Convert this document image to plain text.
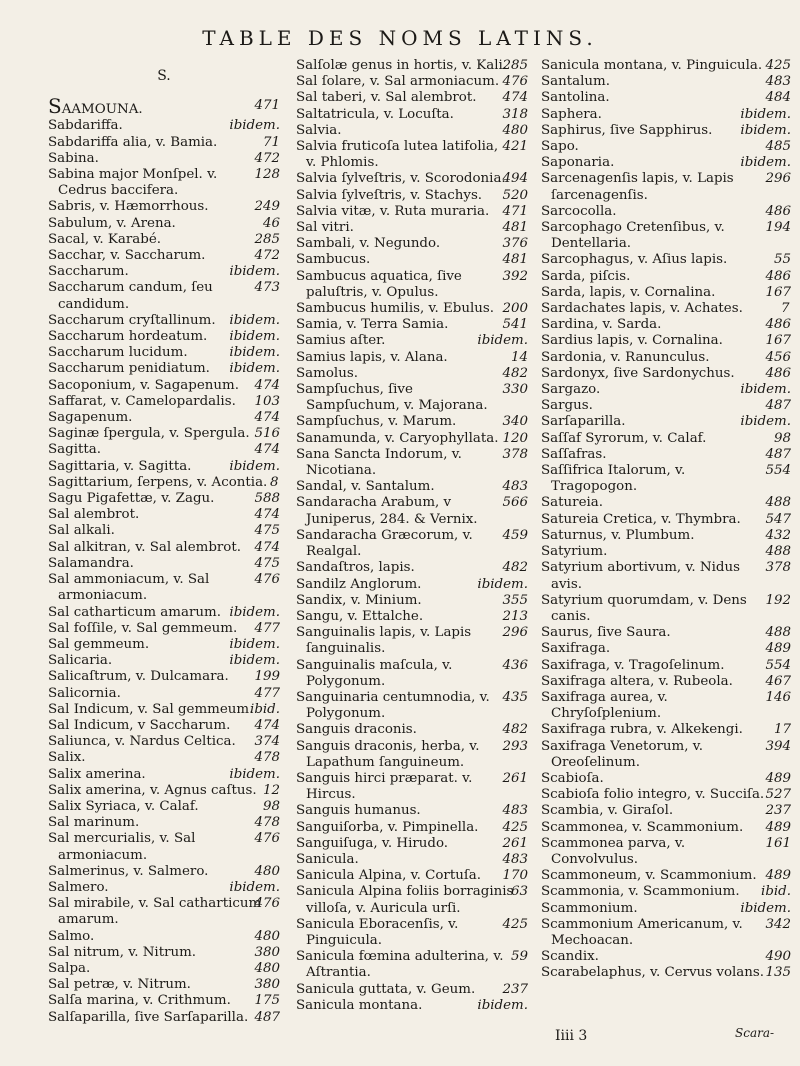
TABLE DES NOMS LATINS.
S.
471
SAAMOUNA.
ibidem.
Sabdariffa.
71
Sabdariffa alia, v. Bamia.
472
Sabina.
128
Sabina major Monſpel. v. Cedrus baccifera.
249
Sabris, v. Hæmorrhous.
46
Sabulum, v. Arena.
285
Sacal, v. Karabé.
472
Sacchar, v. Saccharum.
ibidem.
Saccharum.
473
Saccharum candum, ſeu candidum.
ibidem.
Saccharum cryſtallinum.
ibidem.
Saccharum hordeatum.
ibidem.
Saccharum lucidum.
ibidem.
Saccharum penidiatum.
474
Sacoponium, v. Sagapenum.
103
Saffarat, v. Camelopardalis.
474
Sagapenum.
516
Saginæ ſpergula, v. Spergula.
474
Sagitta.
ibidem.
Sagittaria, v. Sagitta.
8
Sagittarium, ſerpens, v. Acontia.
588
Sagu Pigafettæ, v. Zagu.
474
Sal alembrot.
475
Sal alkali.
474
Sal alkitran, v. Sal alembrot.
475
Salamandra.
476
Sal ammoniacum, v. Sal armoniacum.
ibidem.
Sal catharticum amarum.
477
Sal foſſile, v. Sal gemmeum.
ibidem.
Sal gemmeum.
ibidem.
Salicaria.
199
Salicaſtrum, v. Dulcamara.
477
Salicornia.
ibid.
Sal Indicum, v. Sal gemmeum.
474
Sal Indicum, v Saccharum.
374
Saliunca, v. Nardus Celtica.
478
Salix.
ibidem.
Salix amerina.
12
Salix amerina, v. Agnus caſtus.
98
Salix Syriaca, v. Calaf.
478
Sal marinum.
476
Sal mercurialis, v. Sal armoniacum.
480
Salmerinus, v. Salmero.
ibidem.
Salmero.
476
Sal mirabile, v. Sal catharticum amarum.
480
Salmo.
380
Sal nitrum, v. Nitrum.
480
Salpa.
380
Sal petræ, v. Nitrum.
175
Salſa marina, v. Crithmum.
487
Salſaparilla, ſive Sarſaparilla.
285
Salſolæ genus in hortis, v. Kali.
476
Sal ſolare, v. Sal armoniacum.
474
Sal taberi, v. Sal alembrot.
318
Saltatricula, v. Locuſta.
480
Salvia.
421
Salvia fruticoſa lutea latifolia, v. Phlomis.
494
Salvia ſylveſtris, v. Scorodonia.
520
Salvia ſylveſtris, v. Stachys.
471
Salvia vitæ, v. Ruta muraria.
481
Sal vitri.
376
Sambali, v. Negundo.
481
Sambucus.
392
Sambucus aquatica, ſive paluſtris, v. Opulus.
200
Sambucus humilis, v. Ebulus.
541
Samia, v. Terra Samia.
ibidem.
Samius aſter.
14
Samius lapis, v. Alana.
482
Samolus.
330
Sampſuchus, ſive Sampſuchum, v. Majorana.
340
Sampſuchus, v. Marum.
120
Sanamunda, v. Caryophyllata.
378
Sana Sancta Indorum, v. Nicotiana.
483
Sandal, v. Santalum.
566
Sandaracha Arabum, v Juniperus, 284. & Vernix.
459
Sandaracha Græcorum, v. Realgal.
482
Sandaſtros, lapis.
ibidem.
Sandilz Anglorum.
355
Sandix, v. Minium.
213
Sangu, v. Ettalche.
296
Sanguinalis lapis, v. Lapis ſanguinalis.
436
Sanguinalis maſcula, v. Polygonum.
435
Sanguinaria centumnodia, v. Polygonum.
482
Sanguis draconis.
293
Sanguis draconis, herba, v. Lapathum ſanguineum.
261
Sanguis hirci præparat. v. Hircus.
483
Sanguis humanus.
425
Sanguiſorba, v. Pimpinella.
261
Sanguiſuga, v. Hirudo.
483
Sanicula.
170
Sanicula Alpina, v. Cortuſa.
63
Sanicula Alpina foliis borraginis villoſa, v. Auricula urſi.
425
Sanicula Eboracenſis, v. Pinguicula.
59
Sanicula fœmina adulterina, v. Aſtrantia.
237
Sanicula guttata, v. Geum.
ibidem.
Sanicula montana.
425
Sanicula montana, v. Pinguicula.
483
Santalum.
484
Santolina.
ibidem.
Saphera.
ibidem.
Saphirus, ſive Sapphirus.
485
Sapo.
ibidem.
Saponaria.
296
Sarcenagenſis lapis, v. Lapis ſarcenagenſis.
486
Sarcocolla.
194
Sarcophago Cretenſibus, v. Dentellaria.
55
Sarcophagus, v. Aſius lapis.
486
Sarda, piſcis.
167
Sarda, lapis, v. Cornalina.
7
Sardachates lapis, v. Achates.
486
Sardina, v. Sarda.
167
Sardius lapis, v. Cornalina.
456
Sardonia, v. Ranunculus.
486
Sardonyx, ſive Sardonychus.
ibidem.
Sargazo.
487
Sargus.
ibidem.
Sarſaparilla.
98
Saſſaf Syrorum, v. Calaf.
487
Saſſafras.
554
Saſſifrica Italorum, v. Tragopogon.
488
Satureia.
547
Satureia Cretica, v. Thymbra.
432
Saturnus, v. Plumbum.
488
Satyrium.
378
Satyrium abortivum, v. Nidus avis.
192
Satyrium quorumdam, v. Dens canis.
488
Saurus, ſive Saura.
489
Saxifraga.
554
Saxifraga, v. Tragoſelinum.
467
Saxifraga altera, v. Rubeola.
146
Saxifraga aurea, v. Chryſoſplenium.
17
Saxifraga rubra, v. Alkekengi.
394
Saxifraga Venetorum, v. Oreoſelinum.
489
Scabioſa.
527
Scabioſa folio integro, v. Succiſa.
237
Scambia, v. Giraſol.
489
Scammonea, v. Scammonium.
161
Scammonea parva, v. Convolvulus.
489
Scammoneum, v. Scammonium.
ibid.
Scammonia, v. Scammonium.
ibidem.
Scammonium.
342
Scammonium Americanum, v. Mechoacan.
490
Scandix.
135
Scarabelaphus, v. Cervus volans.
Iiii 3	Scara-
